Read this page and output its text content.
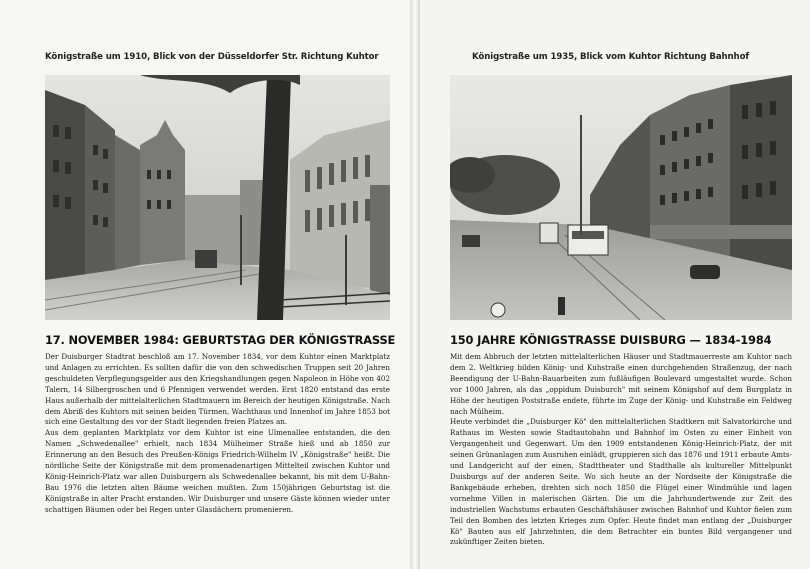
Königstraße um 1910, Blick von der Düsseldorfer Str. Richtung Kuhtor
17. NOVEMBER 1984: GEBURTSTAG DER KÖNIGSTRASSE

Der Duisburger Stadtrat beschloß am 17. November 1834, vor dem Kuhtor einen Marktplatz und Anlagen zu errichten. Es sollten dafür die von den schwedischen Truppen seit 20 Jahren geschuldeten Verpflegungsgelder aus den Kriegshandlungen gegen Napoleon in Höhe von 402 Talern, 14 Silbergroschen und 6 Pfennigen verwendet werden. Erst 1820 entstand das erste Haus außerhalb der mittelalterlichen Stadtmauern im Bereich der heutigen Königstraße. Nach dem Abriß des Kuhtors mit seinen beiden Türmen, Wachthaus und Innenhof im Jahre 1853 bot sich eine Gestaltung des vor der Stadt liegenden freien Platzes an.

Aus dem geplanten Marktplatz vor dem Kuhtor ist eine Ulmenallee entstanden, die den Namen „Schwedenallee" erhielt, nach 1834 Mülheimer Straße hieß und ab 1850 zur Erinnerung an den Besuch des Preußen-Königs Friedrich-Wilhelm IV „Königstraße" heißt. Die nördliche Seite der Königstraße mit dem promenadenartigen Mittelteil zwischen Kuhtor und König-Heinrich-Platz war allen Duisburgern als Schwedenallee bekannt, bis mit dem U-Bahn-Bau 1976 die letzten alten Bäume weichen mußten. Zum 150jährigen Geburtstag ist die Königstraße in alter Pracht erstanden. Wir Duisburger und unsere Gäste können wieder unter schattigen Bäumen oder bei Regen unter Glasdächern promenieren.

Königstraße um 1935, Blick vom Kuhtor Richtung Bahnhof
150 JAHRE KÖNIGSTRASSE DUISBURG — 1834-1984

Mit dem Abbruch der letzten mittelalterlichen Häuser und Stadtmauerreste am Kuhtor nach dem 2. Weltkrieg bilden König- und Kuhstraße einen durchgehenden Straßenzug, der nach Beendigung der U-Bahn-Bauarbeiten zum fußläufigen Boulevard umgestaltet wurde. Schon vor 1000 Jahren, als das „oppidum Duisburch" mit seinem Königshof auf dem Burgplatz in Höhe der heutigen Poststraße endete, führte im Zuge der König- und Kuhstraße ein Feldweg nach Mülheim.

Heute verbindet die „Duisburger Kö" den mittelalterlichen Stadtkern mit Salvatorkirche und Rathaus im Westen sowie Stadtautobahn und Bahnhof im Osten zu einer Einheit von Vergangenheit und Gegenwart. Um den 1909 entstandenen König-Heinrich-Platz, der mit seinen Grünanlagen zum Ausruhen einlädt, gruppieren sich das 1876 und 1911 erbaute Amts- und Landgericht auf der einen, Stadttheater und Stadthalle als kultureller Mittelpunkt Duisburgs auf der anderen Seite. Wo sich heute an der Nordseite der Königstraße die Bankgebäude erheben, drehten sich noch 1850 die Flügel einer Windmühle und lagen vornehme Villen in malerischen Gärten. Die um die Jahrhundertwende zur Zeit des industriellen Wachstums erbauten Geschäftshäuser zwischen Bahnhof und Kuhtor fielen zum Teil den Bomben des letzten Krieges zum Opfer. Heute findet man entlang der „Duisburger Kö" Bauten aus elf Jahrzehnten, die dem Betrachter ein buntes Bild vergangener und zukünftiger Zeiten bieten.
